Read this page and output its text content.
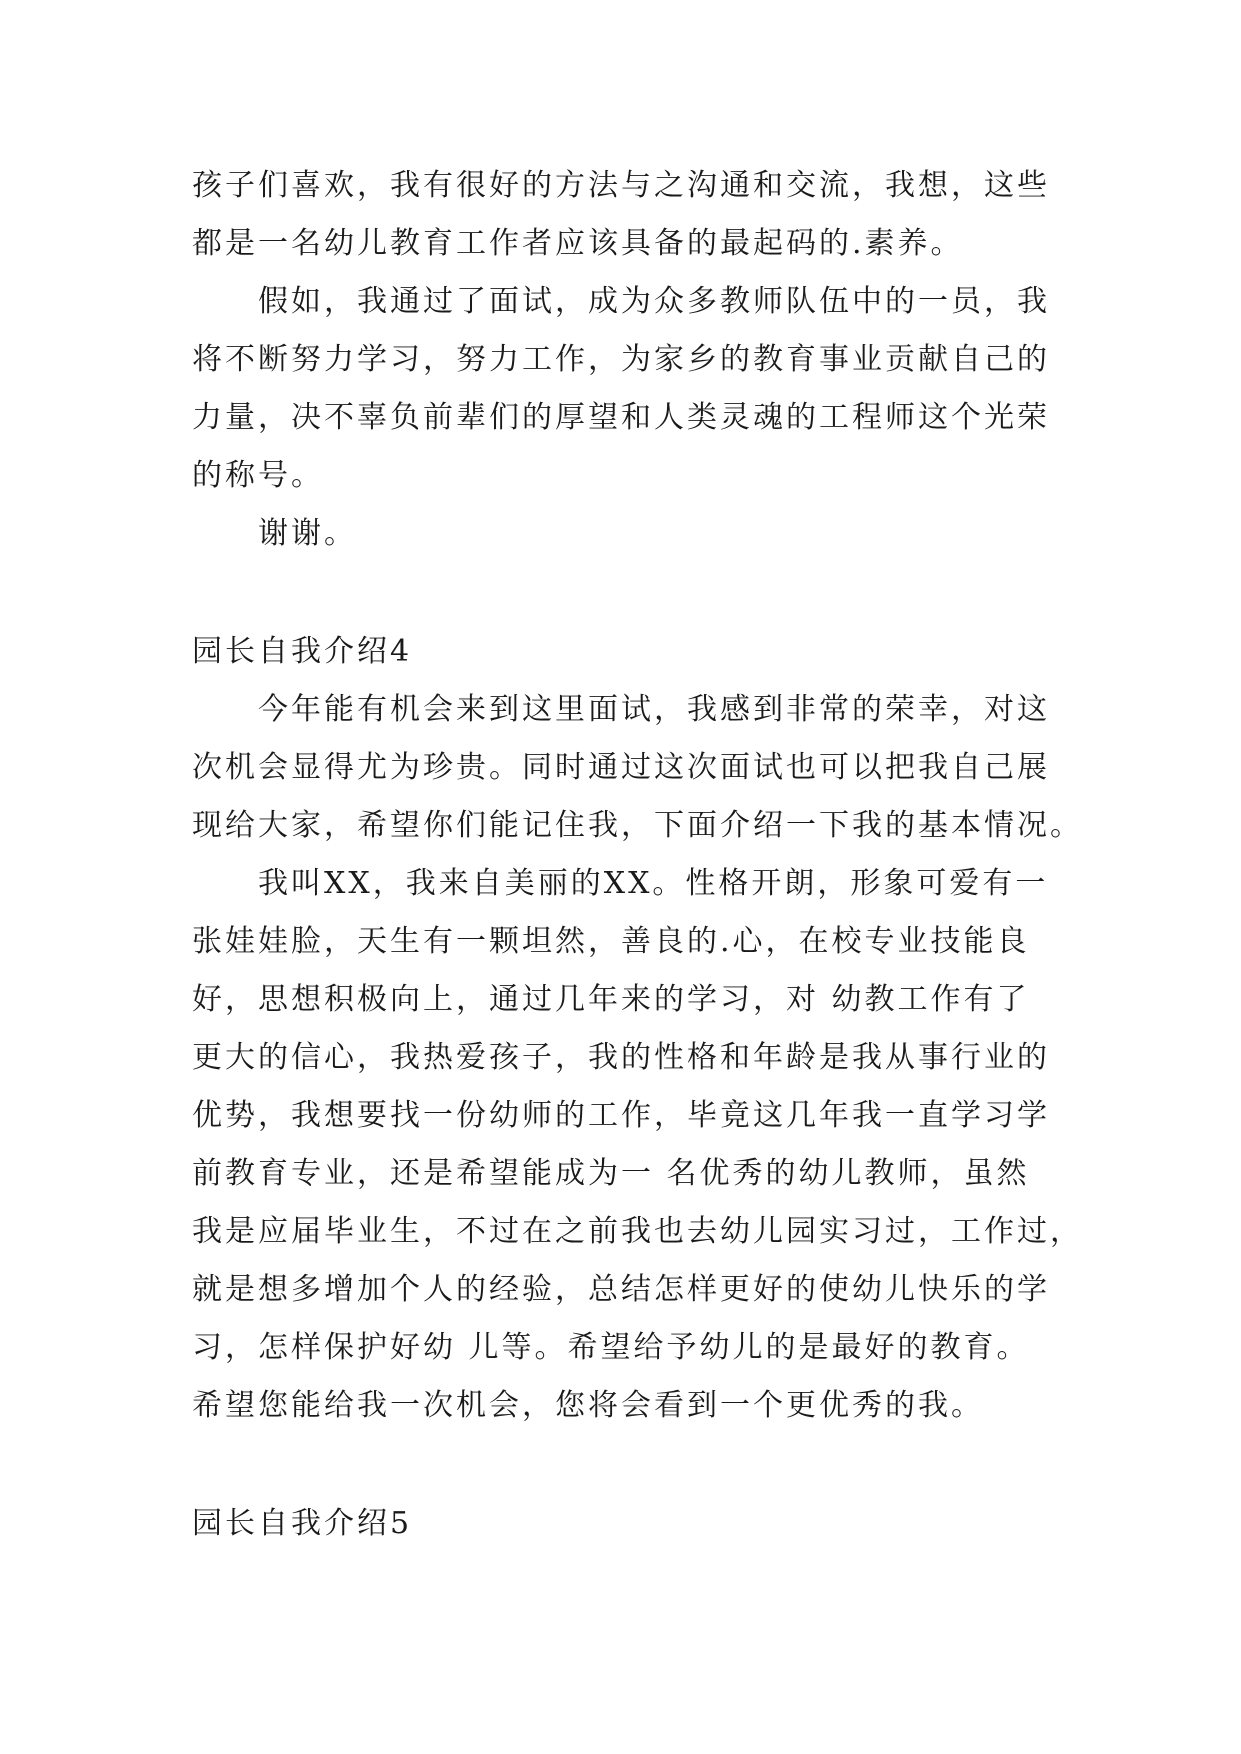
孩子们喜欢，我有很好的方法与之沟通和交流，我想，这些
都是一名幼儿教育工作者应该具备的最起码的.素养。
　　假如，我通过了面试，成为众多教师队伍中的一员，我
将不断努力学习，努力工作，为家乡的教育事业贡献自己的
力量，决不辜负前辈们的厚望和人类灵魂的工程师这个光荣
的称号。
　　谢谢。
园长自我介绍4
　　今年能有机会来到这里面试，我感到非常的荣幸，对这
次机会显得尤为珍贵。同时通过这次面试也可以把我自己展
现给大家，希望你们能记住我，下面介绍一下我的基本情况。
　　我叫XX，我来自美丽的XX。性格开朗，形象可爱有一
张娃娃脸，天生有一颗坦然，善良的.心，在校专业技能良
好，思想积极向上，通过几年来的学习，对 幼教工作有了
更大的信心，我热爱孩子，我的性格和年龄是我从事行业的
优势，我想要找一份幼师的工作，毕竟这几年我一直学习学
前教育专业，还是希望能成为一 名优秀的幼儿教师，虽然
我是应届毕业生，不过在之前我也去幼儿园实习过，工作过，
就是想多增加个人的经验，总结怎样更好的使幼儿快乐的学
习，怎样保护好幼 儿等。希望给予幼儿的是最好的教育。
希望您能给我一次机会，您将会看到一个更优秀的我。
园长自我介绍5
